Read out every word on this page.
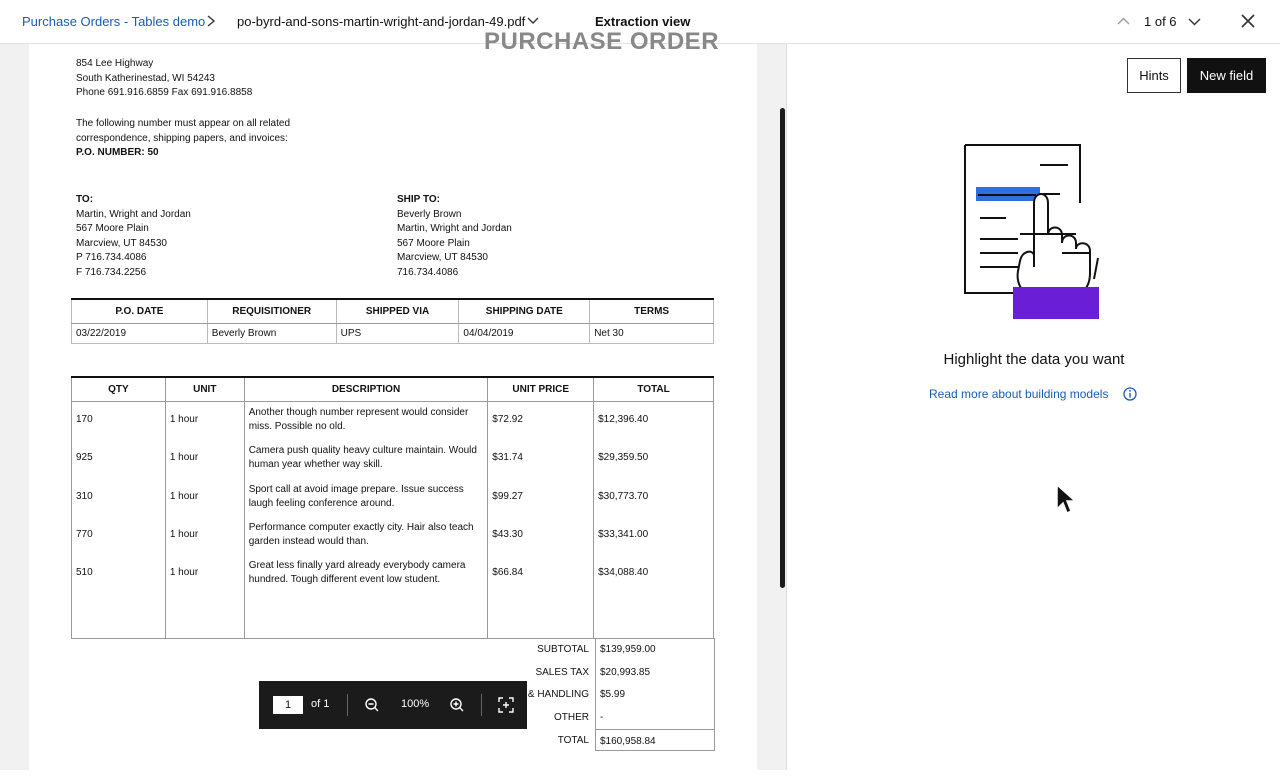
Purchase Orders - Tables demo po-byrd-and-sons-martin-wright-and-jordan-49.pdf	Extraction view	1 of 6
PURCHASE ORDER
854 Lee Highway
South Katherinestad, WI 54243
Phone 691.916.6859 Fax 691.916.8858
The following number must appear on all related
correspondence, shipping papers, and invoices:
P.O. NUMBER: 50
TO:
Martin, Wright and Jordan
567 Moore Plain
Marcview, UT 84530
P 716.734.4086
F 716.734.2256
SHIP TO:
Beverly Brown
Martin, Wright and Jordan
567 Moore Plain
Marcview, UT 84530
716.734.4086
P.O. DATE	REQUISITIONER	SHIPPED VIA	SHIPPING DATE	TERMS
03/22/2019	Beverly Brown	UPS	04/04/2019	Net 30
QTY	UNIT	DESCRIPTION	UNIT PRICE	TOTAL
170	1 hour	Another though number represent would consider miss. Possible no old.	$72.92	$12,396.40
925	1 hour	Camera push quality heavy culture maintain. Would human year whether way skill.	$31.74	$29,359.50
310	1 hour	Sport call at avoid image prepare. Issue success laugh feeling conference around.	$99.27	$30,773.70
770	1 hour	Performance computer exactly city. Hair also teach garden instead would than.	$43.30	$33,341.00
510	1 hour	Great less finally yard already everybody camera hundred. Tough different event low student.	$66.84	$34,088.40

SUBTOTAL	$139,959.00
SALES TAX	$20,993.85
& HANDLING	$5.99
OTHER	-
TOTAL	$160,958.84
1
of 1	100%
Hints	New field
Highlight the data you want
Read more about building models
